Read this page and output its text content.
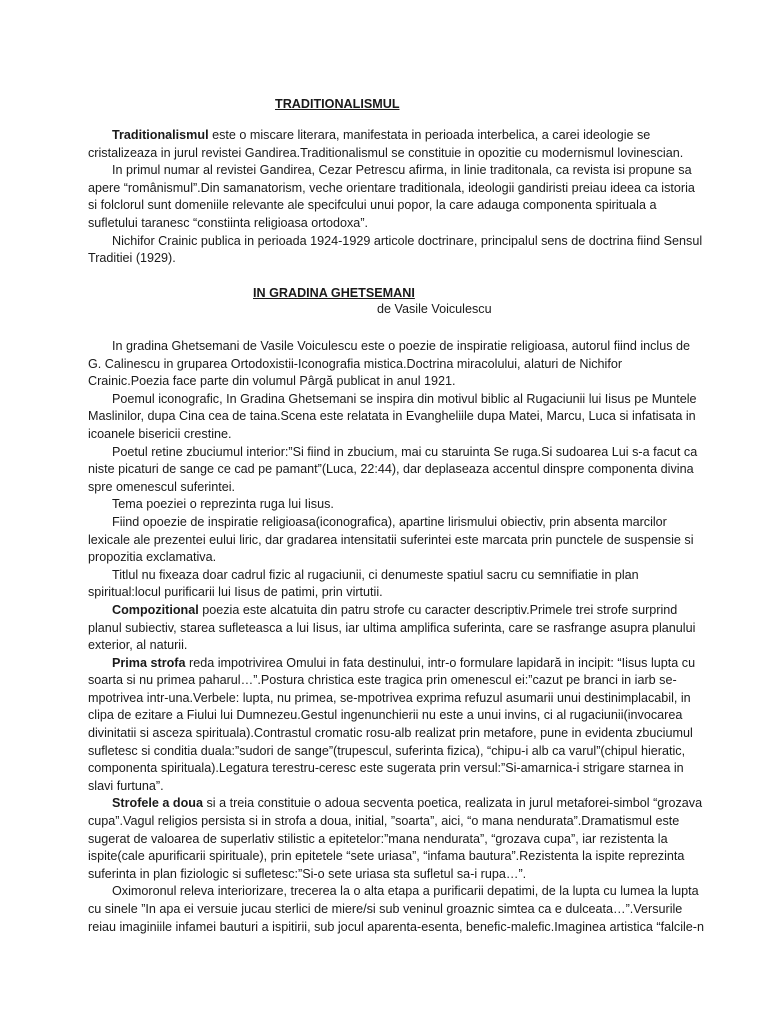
TRADITIONALISMUL

Traditionalismul este o miscare literara, manifestata in perioada interbelica, a carei ideologie se cristalizeaza in jurul revistei Gandirea.Traditionalismul se constituie in opozitie cu modernismul lovinescian.

In primul numar al revistei Gandirea, Cezar Petrescu afirma, in linie traditonala, ca revista isi propune sa apere “românismul”.Din samanatorism, veche orientare traditionala, ideologii gandiristi preiau ideea ca istoria si folclorul sunt domeniile relevante ale specifcului unui popor, la care adauga componenta spirituala a sufletului taranesc “constiinta religioasa ortodoxa”.

Nichifor Crainic publica in perioada 1924-1929 articole doctrinare, principalul sens de doctrina fiind Sensul Traditiei (1929).

IN GRADINA GHETSEMANI
de Vasile Voiculescu

In gradina Ghetsemani de Vasile Voiculescu este o poezie de inspiratie religioasa, autorul fiind inclus de G. Calinescu in gruparea Ortodoxistii-Iconografia mistica.Doctrina miracolului, alaturi de Nichifor Crainic.Poezia face parte din volumul Pârgă publicat in anul 1921.

Poemul iconografic, In Gradina Ghetsemani se inspira din motivul biblic al Rugaciunii lui Iisus pe Muntele Maslinilor, dupa Cina cea de taina.Scena este relatata in Evangheliile dupa Matei, Marcu, Luca si infatisata in icoanele bisericii crestine.

Poetul retine zbuciumul interior:”Si fiind in zbucium, mai cu staruinta Se ruga.Si sudoarea Lui s-a facut ca niste picaturi de sange ce cad pe pamant”(Luca, 22:44), dar deplaseaza accentul dinspre componenta divina spre omenescul suferintei.

Tema poeziei o reprezinta ruga lui Iisus.

Fiind opoezie de inspiratie religioasa(iconografica), apartine lirismului obiectiv, prin absenta marcilor lexicale ale prezentei eului liric, dar gradarea intensitatii suferintei este marcata prin punctele de suspensie si propozitia exclamativa.

Titlul nu fixeaza doar cadrul fizic al rugaciunii, ci denumeste spatiul sacru cu semnifiatie in plan spiritual:locul purificarii lui Iisus de patimi, prin virtutii.

Compozitional poezia este alcatuita din patru strofe cu caracter descriptiv.Primele trei strofe surprind planul subiectiv, starea sufleteasca a lui Iisus, iar ultima amplifica suferinta, care se rasfrange asupra planului exterior, al naturii.

Prima strofa reda impotrivirea Omului in fata destinului, intr-o formulare lapidară in incipit: “Iisus lupta cu soarta si nu primea paharul…”.Postura christica este tragica prin omenescul ei:”cazut pe branci in iarb se-mpotrivea intr-una.Verbele: lupta, nu primea, se-mpotrivea exprima refuzul asumarii unui destinimplacabil, in clipa de ezitare a Fiului lui Dumnezeu.Gestul ingenunchierii nu este a unui invins, ci al rugaciunii(invocarea divinitatii si asceza spirituala).Contrastul cromatic rosu-alb realizat prin metafore, pune in evidenta zbuciumul sufletesc si conditia duala:”sudori de sange”(trupescul, suferinta fizica), “chipu-i alb ca varul”(chipul hieratic, componenta spirituala).Legatura terestru-ceresc este sugerata prin versul:”Si-amarnica-i strigare starnea in slavi furtuna”.

Strofele a doua si a treia constituie o adoua secventa poetica, realizata in jurul metaforei-simbol “grozava cupa”.Vagul religios persista si in strofa a doua, initial, ”soarta”, aici, “o mana nendurata”.Dramatismul este sugerat de valoarea de superlativ stilistic a epitetelor:”mana nendurata”, “grozava cupa”, iar rezistenta la ispite(cale apurificarii spirituale), prin epitetele “sete uriasa”, “infama bautura”.Rezistenta la ispite reprezinta suferinta in plan fiziologic si sufletesc:”Si-o sete uriasa sta sufletul sa-i rupa…”.

Oximoronul releva interiorizare, trecerea la o alta etapa a purificarii depatimi, de la lupta cu lumea la lupta cu sinele ”In apa ei versuie jucau sterlici de miere/si sub veninul groaznic simtea ca e dulceata…”.Versurile reiau imaginiile infamei bauturi a ispitirii, sub jocul aparenta-esenta, benefic-malefic.Imaginea artistica “falcile-n
